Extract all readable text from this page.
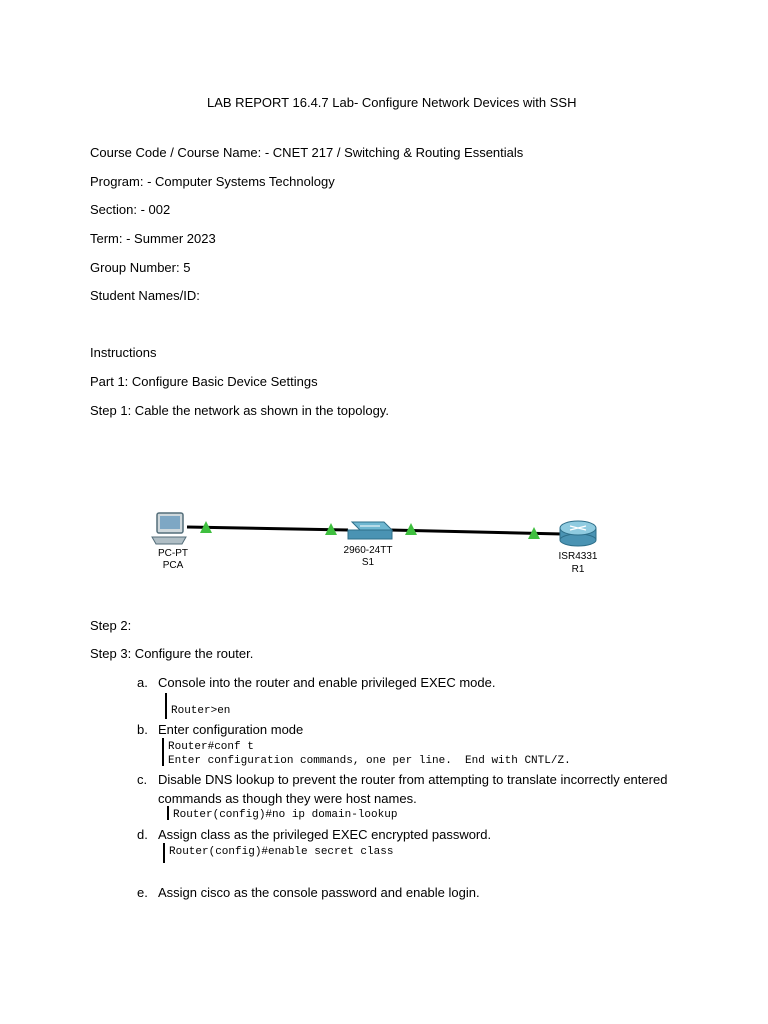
LAB REPORT 16.4.7 Lab- Configure Network Devices with SSH
Course Code / Course Name: - CNET 217 / Switching & Routing Essentials
Program: - Computer Systems Technology
Section: - 002
Term: - Summer 2023
Group Number: 5
Student Names/ID:
Instructions
Part 1: Configure Basic Device Settings
Step 1: Cable the network as shown in the topology.
PC-PT
PCA
2960-24TT
S1
ISR4331
R1
Step 2:
Step 3: Configure the router.
a. Console into the router and enable privileged EXEC mode.
Router>en
b. Enter configuration mode
Router#conf t
Enter configuration commands, one per line.  End with CNTL/Z.
c. Disable DNS lookup to prevent the router from attempting to translate incorrectly entered
commands as though they were host names.
Router(config)#no ip domain-lookup
d. Assign class as the privileged EXEC encrypted password.
Router(config)#enable secret class
e. Assign cisco as the console password and enable login.
